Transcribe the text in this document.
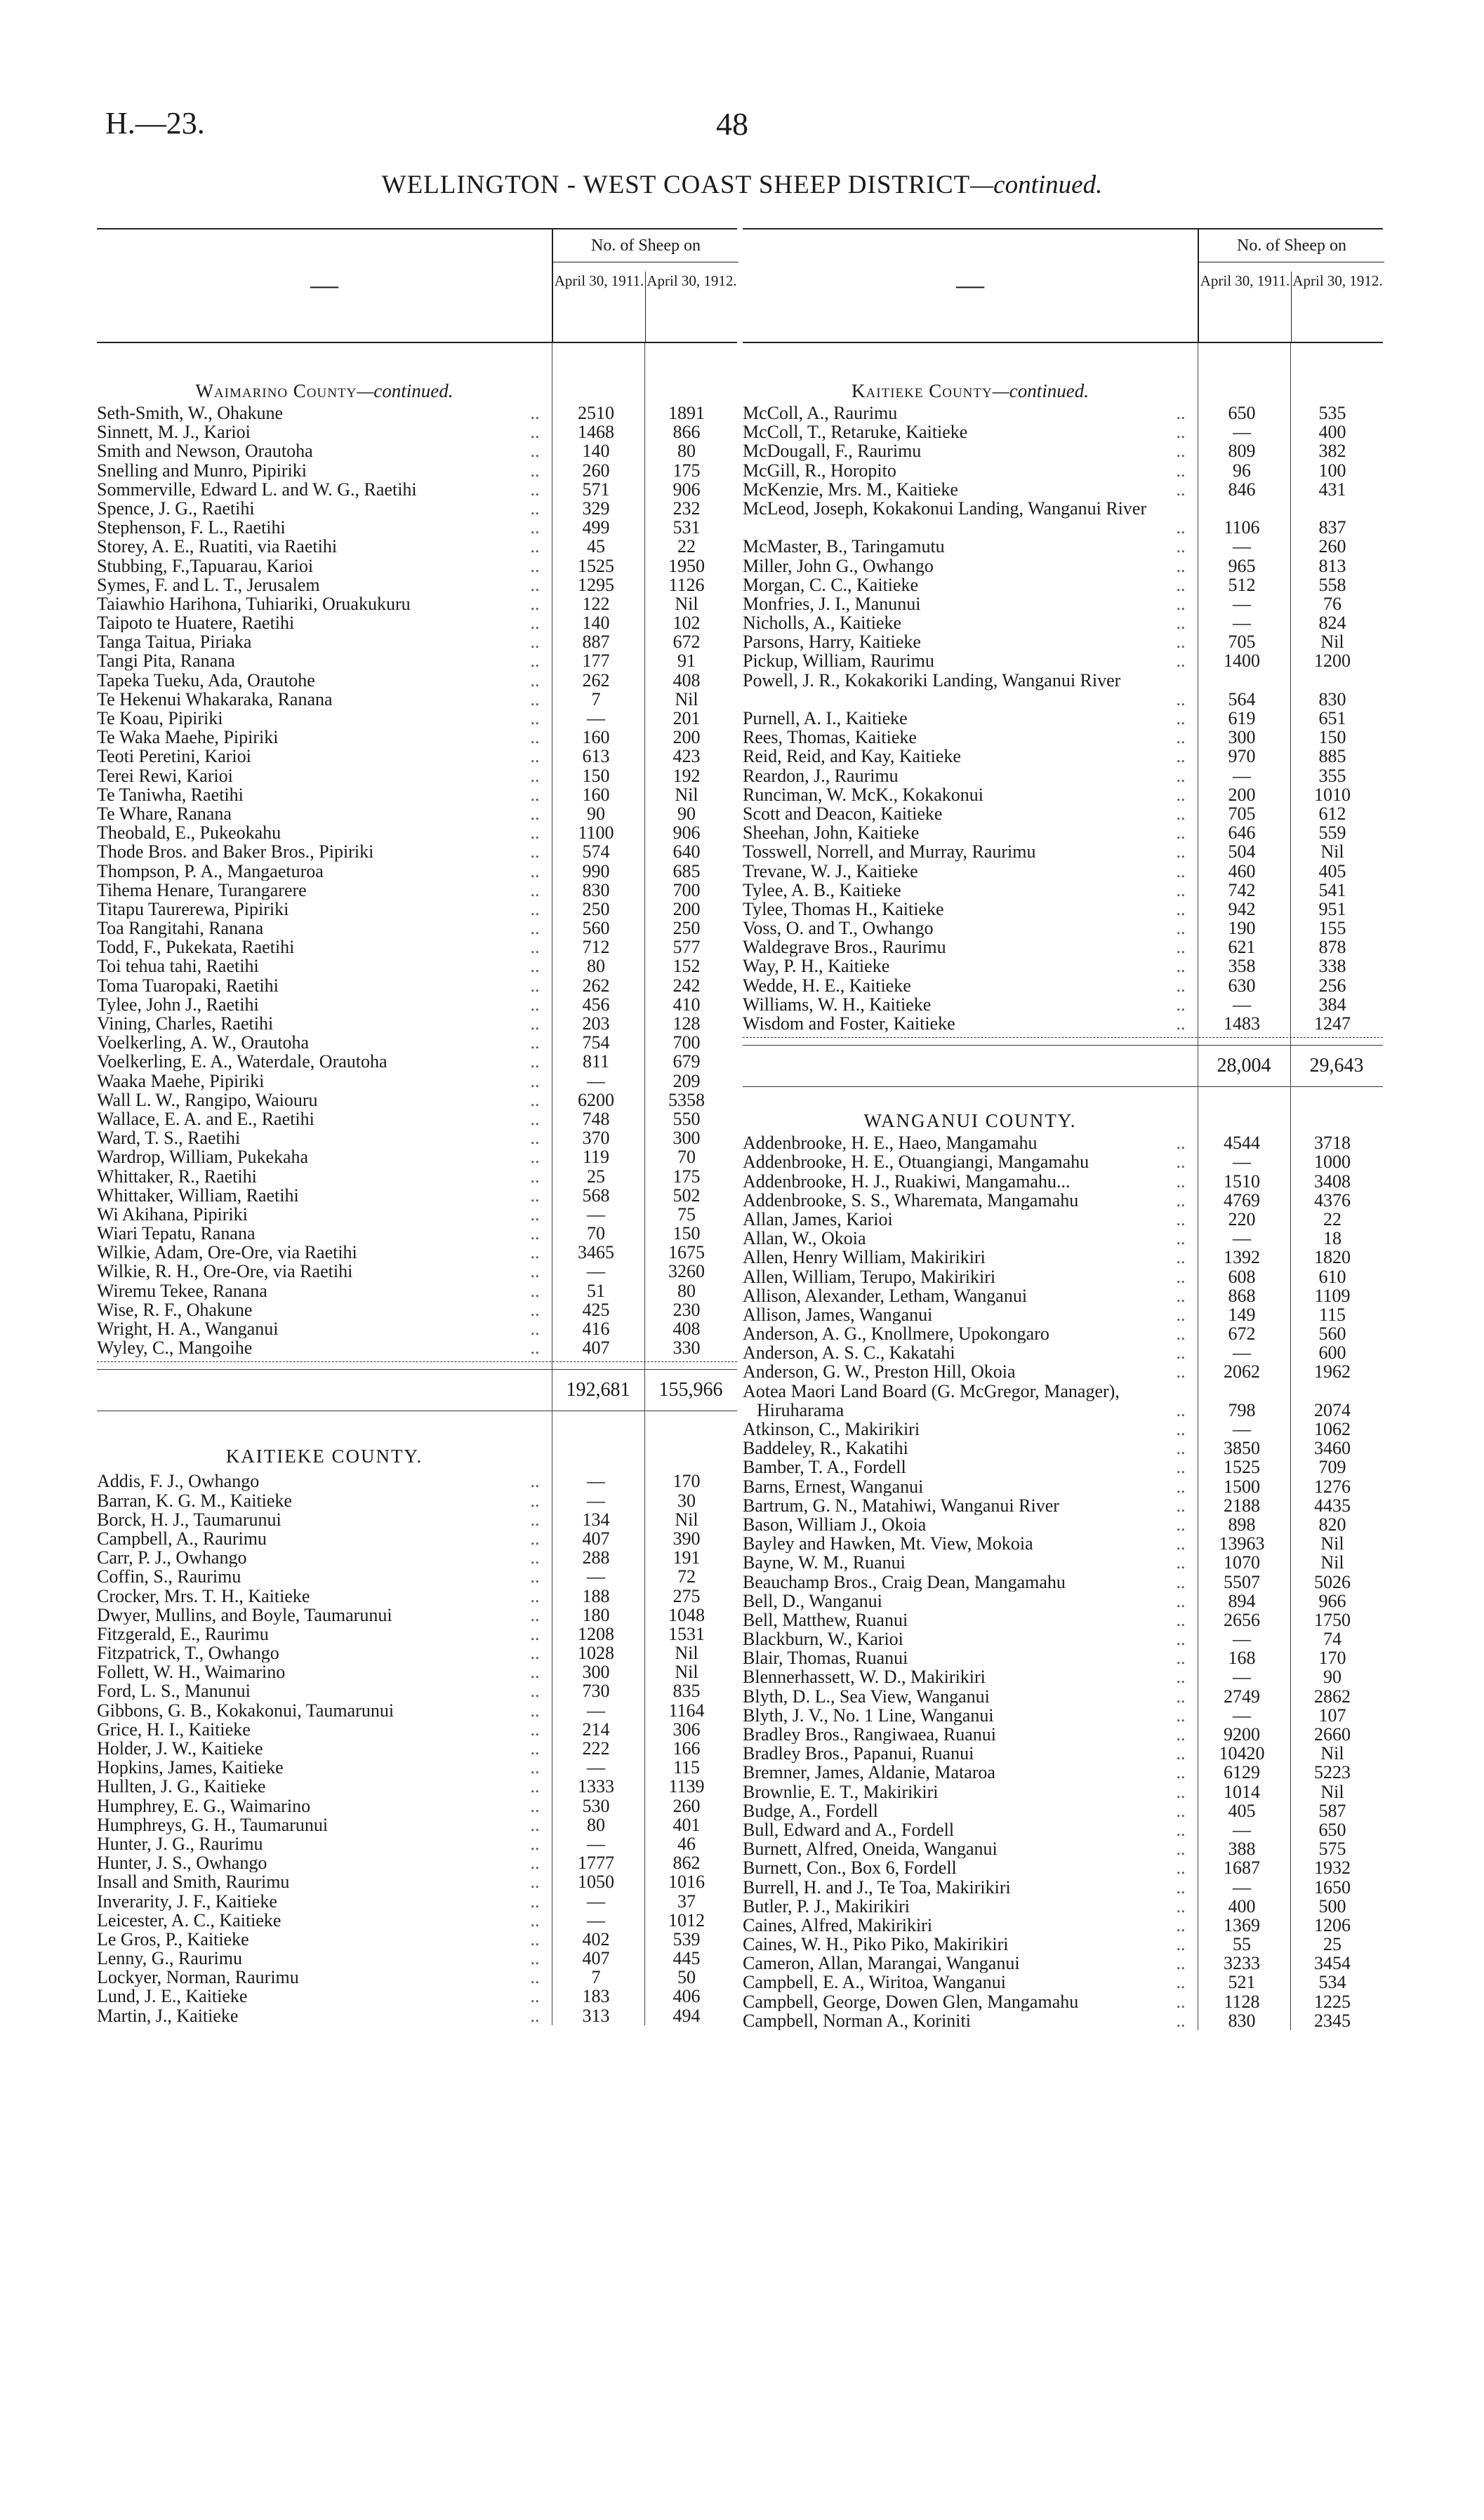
H.—23.	48
WELLINGTON - WEST COAST SHEEP DISTRICT—continued.
—
No. of Sheep on
April 30, 1911. April 30, 1912.
Waimarino County—continued.
Seth-Smith, W., Ohakune	..	2510	1891
Sinnett, M. J., Karioi	..	1468	866
Smith and Newson, Orautoha	..	140	80
Snelling and Munro, Pipiriki	..	260	175
Sommerville, Edward L. and W. G., Raetihi	..	571	906
Spence, J. G., Raetihi	..	329	232
Stephenson, F. L., Raetihi	..	499	531
Storey, A. E., Ruatiti, via Raetihi	..	45	22
Stubbing, F.,Tapuarau, Karioi	..	1525	1950
Symes, F. and L. T., Jerusalem	..	1295	1126
Taiawhio Harihona, Tuhiariki, Oruakukuru	..	122	Nil
Taipoto te Huatere, Raetihi	..	140	102
Tanga Taitua, Piriaka	..	887	672
Tangi Pita, Ranana	..	177	91
Tapeka Tueku, Ada, Orautohe	..	262	408
Te Hekenui Whakaraka, Ranana	..	7	Nil
Te Koau, Pipiriki	..	—	201
Te Waka Maehe, Pipiriki	..	160	200
Teoti Peretini, Karioi	..	613	423
Terei Rewi, Karioi	..	150	192
Te Taniwha, Raetihi	..	160	Nil
Te Whare, Ranana	..	90	90
Theobald, E., Pukeokahu	..	1100	906
Thode Bros. and Baker Bros., Pipiriki	..	574	640
Thompson, P. A., Mangaeturoa	..	990	685
Tihema Henare, Turangarere	..	830	700
Titapu Taurerewa, Pipiriki	..	250	200
Toa Rangitahi, Ranana	..	560	250
Todd, F., Pukekata, Raetihi	..	712	577
Toi tehua tahi, Raetihi	..	80	152
Toma Tuaropaki, Raetihi	..	262	242
Tylee, John J., Raetihi	..	456	410
Vining, Charles, Raetihi	..	203	128
Voelkerling, A. W., Orautoha	..	754	700
Voelkerling, E. A., Waterdale, Orautoha	..	811	679
Waaka Maehe, Pipiriki	..	—	209
Wall L. W., Rangipo, Waiouru	..	6200	5358
Wallace, E. A. and E., Raetihi	..	748	550
Ward, T. S., Raetihi	..	370	300
Wardrop, William, Pukekaha	..	119	70
Whittaker, R., Raetihi	..	25	175
Whittaker, William, Raetihi	..	568	502
Wi Akihana, Pipiriki	..	—	75
Wiari Tepatu, Ranana	..	70	150
Wilkie, Adam, Ore-Ore, via Raetihi	..	3465	1675
Wilkie, R. H., Ore-Ore, via Raetihi	..	—	3260
Wiremu Tekee, Ranana	..	51	80
Wise, R. F., Ohakune	..	425	230
Wright, H. A., Wanganui	..	416	408
Wyley, C., Mangoihe	..	407	330
192,681	155,966
KAITIEKE COUNTY.
Addis, F. J., Owhango	..	—	170
Barran, K. G. M., Kaitieke	..	—	30
Borck, H. J., Taumarunui	..	134	Nil
Campbell, A., Raurimu	..	407	390
Carr, P. J., Owhango	..	288	191
Coffin, S., Raurimu	..	—	72
Crocker, Mrs. T. H., Kaitieke	..	188	275
Dwyer, Mullins, and Boyle, Taumarunui	..	180	1048
Fitzgerald, E., Raurimu	..	1208	1531
Fitzpatrick, T., Owhango	..	1028	Nil
Follett, W. H., Waimarino	..	300	Nil
Ford, L. S., Manunui	..	730	835
Gibbons, G. B., Kokakonui, Taumarunui	..	—	1164
Grice, H. I., Kaitieke	..	214	306
Holder, J. W., Kaitieke	..	222	166
Hopkins, James, Kaitieke	..	—	115
Hullten, J. G., Kaitieke	..	1333	1139
Humphrey, E. G., Waimarino	..	530	260
Humphreys, G. H., Taumarunui	..	80	401
Hunter, J. G., Raurimu	..	—	46
Hunter, J. S., Owhango	..	1777	862
Insall and Smith, Raurimu	..	1050	1016
Inverarity, J. F., Kaitieke	..	—	37
Leicester, A. C., Kaitieke	..	—	1012
Le Gros, P., Kaitieke	..	402	539
Lenny, G., Raurimu	..	407	445
Lockyer, Norman, Raurimu	..	7	50
Lund, J. E., Kaitieke	..	183	406
Martin, J., Kaitieke	..	313	494
—
No. of Sheep on
April 30, 1911. April 30, 1912.
Kaitieke County—continued.
McColl, A., Raurimu	..	650	535
McColl, T., Retaruke, Kaitieke	..	—	400
McDougall, F., Raurimu	..	809	382
McGill, R., Horopito	..	96	100
McKenzie, Mrs. M., Kaitieke	..	846	431
McLeod, Joseph, Kokakonui Landing, Wanganui River
..	1106	837
McMaster, B., Taringamutu	..	—	260
Miller, John G., Owhango	..	965	813
Morgan, C. C., Kaitieke	..	512	558
Monfries, J. I., Manunui	..	—	76
Nicholls, A., Kaitieke	..	—	824
Parsons, Harry, Kaitieke	..	705	Nil
Pickup, William, Raurimu	..	1400	1200
Powell, J. R., Kokakoriki Landing, Wanganui River
..	564	830
Purnell, A. I., Kaitieke	..	619	651
Rees, Thomas, Kaitieke	..	300	150
Reid, Reid, and Kay, Kaitieke	..	970	885
Reardon, J., Raurimu	..	—	355
Runciman, W. McK., Kokakonui	..	200	1010
Scott and Deacon, Kaitieke	..	705	612
Sheehan, John, Kaitieke	..	646	559
Tosswell, Norrell, and Murray, Raurimu	..	504	Nil
Trevane, W. J., Kaitieke	..	460	405
Tylee, A. B., Kaitieke	..	742	541
Tylee, Thomas H., Kaitieke	..	942	951
Voss, O. and T., Owhango	..	190	155
Waldegrave Bros., Raurimu	..	621	878
Way, P. H., Kaitieke	..	358	338
Wedde, H. E., Kaitieke	..	630	256
Williams, W. H., Kaitieke	..	—	384
Wisdom and Foster, Kaitieke	..	1483	1247
28,004	29,643
WANGANUI COUNTY.
Addenbrooke, H. E., Haeo, Mangamahu	..	4544	3718
Addenbrooke, H. E., Otuangiangi, Mangamahu	..	—	1000
Addenbrooke, H. J., Ruakiwi, Mangamahu...	..	1510	3408
Addenbrooke, S. S., Wharemata, Mangamahu	..	4769	4376
Allan, James, Karioi	..	220	22
Allan, W., Okoia	..	—	18
Allen, Henry William, Makirikiri	..	1392	1820
Allen, William, Terupo, Makirikiri	..	608	610
Allison, Alexander, Letham, Wanganui	..	868	1109
Allison, James, Wanganui	..	149	115
Anderson, A. G., Knollmere, Upokongaro	..	672	560
Anderson, A. S. C., Kakatahi	..	—	600
Anderson, G. W., Preston Hill, Okoia	..	2062	1962
Aotea Maori Land Board (G. McGregor, Manager), Hiruharama	..	798	2074
Atkinson, C., Makirikiri	..	—	1062
Baddeley, R., Kakatihi	..	3850	3460
Bamber, T. A., Fordell	..	1525	709
Barns, Ernest, Wanganui	..	1500	1276
Bartrum, G. N., Matahiwi, Wanganui River	..	2188	4435
Bason, William J., Okoia	..	898	820
Bayley and Hawken, Mt. View, Mokoia	..	13963	Nil
Bayne, W. M., Ruanui	..	1070	Nil
Beauchamp Bros., Craig Dean, Mangamahu	..	5507	5026
Bell, D., Wanganui	..	894	966
Bell, Matthew, Ruanui	..	2656	1750
Blackburn, W., Karioi	..	—	74
Blair, Thomas, Ruanui	..	168	170
Blennerhassett, W. D., Makirikiri	..	—	90
Blyth, D. L., Sea View, Wanganui	..	2749	2862
Blyth, J. V., No. 1 Line, Wanganui	..	—	107
Bradley Bros., Rangiwaea, Ruanui	..	9200	2660
Bradley Bros., Papanui, Ruanui	..	10420	Nil
Bremner, James, Aldanie, Mataroa	..	6129	5223
Brownlie, E. T., Makirikiri	..	1014	Nil
Budge, A., Fordell	..	405	587
Bull, Edward and A., Fordell	..	—	650
Burnett, Alfred, Oneida, Wanganui	..	388	575
Burnett, Con., Box 6, Fordell	..	1687	1932
Burrell, H. and J., Te Toa, Makirikiri	..	—	1650
Butler, P. J., Makirikiri	..	400	500
Caines, Alfred, Makirikiri	..	1369	1206
Caines, W. H., Piko Piko, Makirikiri	..	55	25
Cameron, Allan, Marangai, Wanganui	..	3233	3454
Campbell, E. A., Wiritoa, Wanganui	..	521	534
Campbell, George, Dowen Glen, Mangamahu	..	1128	1225
Campbell, Norman A., Koriniti	..	830	2345
